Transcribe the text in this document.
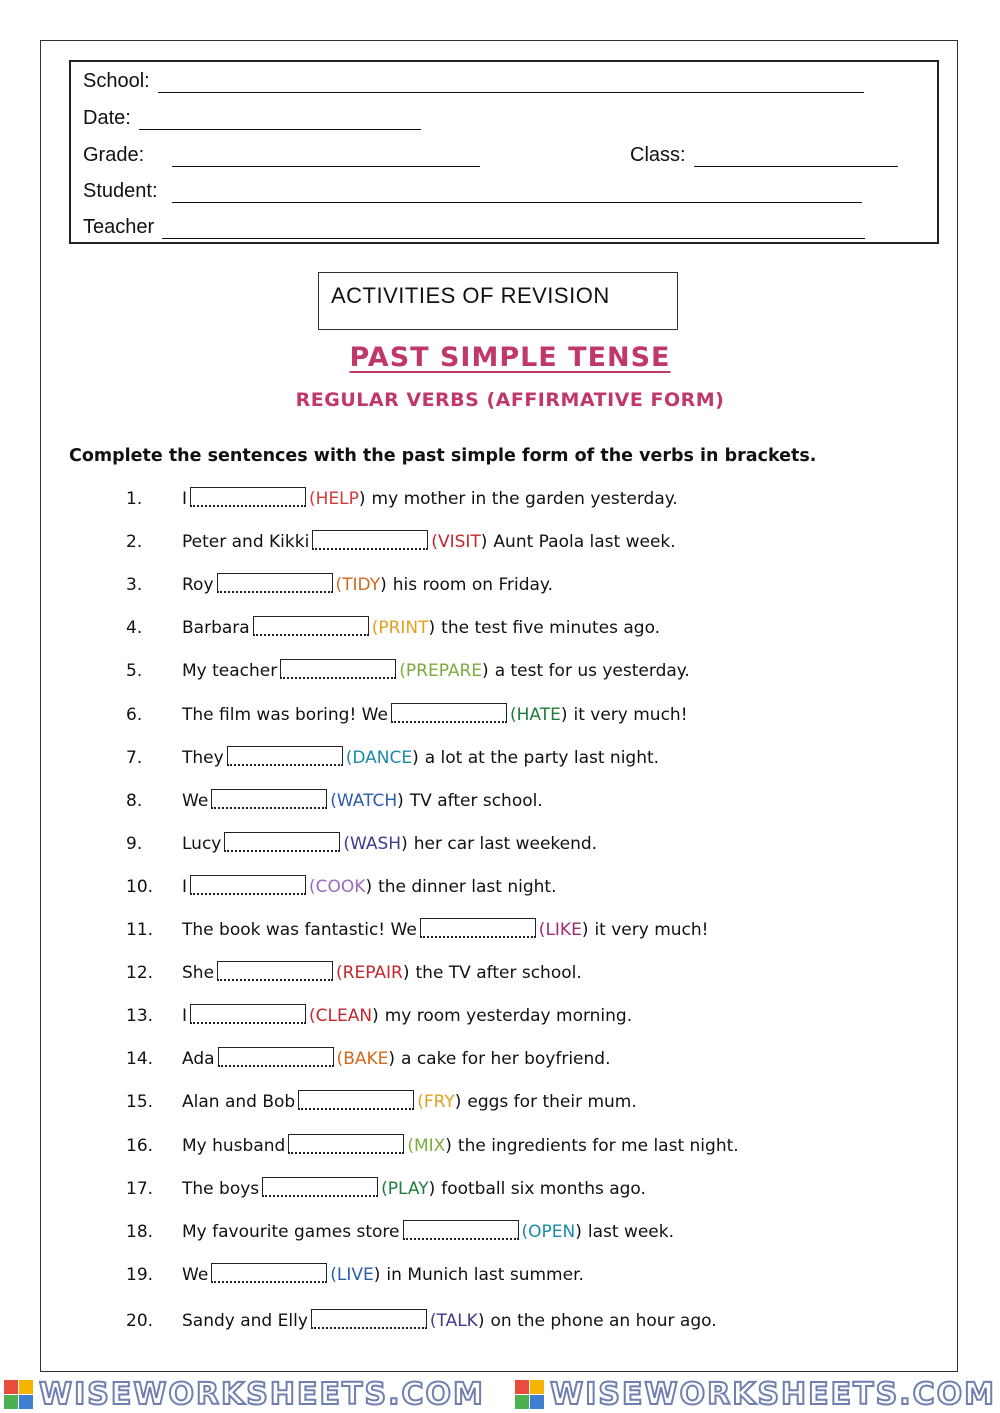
School:
Date:
Grade:	Class:
Student:
Teacher
ACTIVITIES OF REVISION
PAST SIMPLE TENSE
REGULAR VERBS (AFFIRMATIVE FORM)
Complete the sentences with the past simple form of the verbs in brackets.
1. I	( HELP ) my mother in the garden yesterday.
2. Peter and Kikki	( VISIT ) Aunt Paola last week.
3. Roy	( TIDY ) his room on Friday.
4. Barbara	( PRINT ) the test five minutes ago.
5. My teacher	( PREPARE ) a test for us yesterday.
6. The film was boring! We	( HATE ) it very much!
7. They	( DANCE ) a lot at the party last night.
8. We	( WATCH ) TV after school.
9. Lucy	( WASH ) her car last weekend.
10. I	( COOK ) the dinner last night.
11. The book was fantastic! We	( LIKE ) it very much!
12. She	( REPAIR ) the TV after school.
13. I	( CLEAN ) my room yesterday morning.
14. Ada	( BAKE ) a cake for her boyfriend.
15. Alan and Bob	( FRY ) eggs for their mum.
16. My husband	( MIX ) the ingredients for me last night.
17. The boys	( PLAY ) football six months ago.
18. My favourite games store	( OPEN ) last week.
19. We	( LIVE ) in Munich last summer.
20. Sandy and Elly	( TALK ) on the phone an hour ago.
WISEWORKSHEETS.COM WISEWORKSHEETS.COM
